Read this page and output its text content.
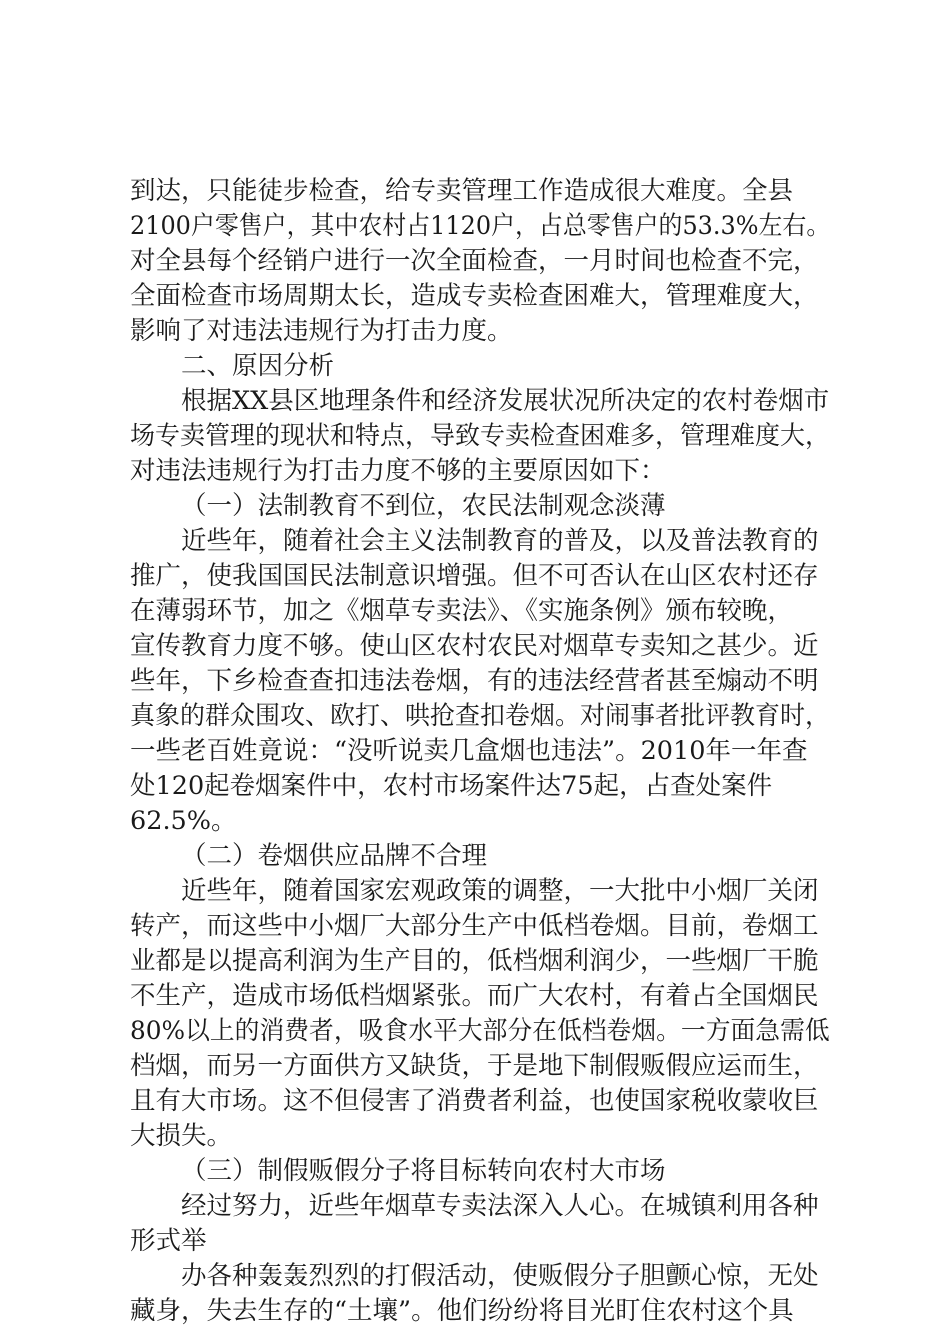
到达，只能徒步检查，给专卖管理工作造成很大难度。全县
2100户零售户，其中农村占1120户，占总零售户的53.3%左右。
对全县每个经销户进行一次全面检查，一月时间也检查不完，
全面检查市场周期太长，造成专卖检查困难大，管理难度大，
影响了对违法违规行为打击力度。
二、原因分析
根据XX县区地理条件和经济发展状况所决定的农村卷烟市
场专卖管理的现状和特点，导致专卖检查困难多，管理难度大，
对违法违规行为打击力度不够的主要原因如下：
（一）法制教育不到位，农民法制观念淡薄
近些年，随着社会主义法制教育的普及，以及普法教育的
推广，使我国国民法制意识增强。但不可否认在山区农村还存
在薄弱环节，加之《烟草专卖法》、《实施条例》颁布较晚，
宣传教育力度不够。使山区农村农民对烟草专卖知之甚少。近
些年，下乡检查查扣违法卷烟，有的违法经营者甚至煽动不明
真象的群众围攻、欧打、哄抢查扣卷烟。对闹事者批评教育时，
一些老百姓竟说：“没听说卖几盒烟也违法”。2010年一年查
处120起卷烟案件中，农村市场案件达75起，占查处案件
62.5%。
（二）卷烟供应品牌不合理
近些年，随着国家宏观政策的调整，一大批中小烟厂关闭
转产，而这些中小烟厂大部分生产中低档卷烟。目前，卷烟工
业都是以提高利润为生产目的，低档烟利润少，一些烟厂干脆
不生产，造成市场低档烟紧张。而广大农村，有着占全国烟民
80%以上的消费者，吸食水平大部分在低档卷烟。一方面急需低
档烟，而另一方面供方又缺货，于是地下制假贩假应运而生，
且有大市场。这不但侵害了消费者利益，也使国家税收蒙收巨
大损失。
（三）制假贩假分子将目标转向农村大市场
经过努力，近些年烟草专卖法深入人心。在城镇利用各种
形式举
办各种轰轰烈烈的打假活动，使贩假分子胆颤心惊，无处
藏身，失去生存的“土壤”。他们纷纷将目光盯住农村这个具
